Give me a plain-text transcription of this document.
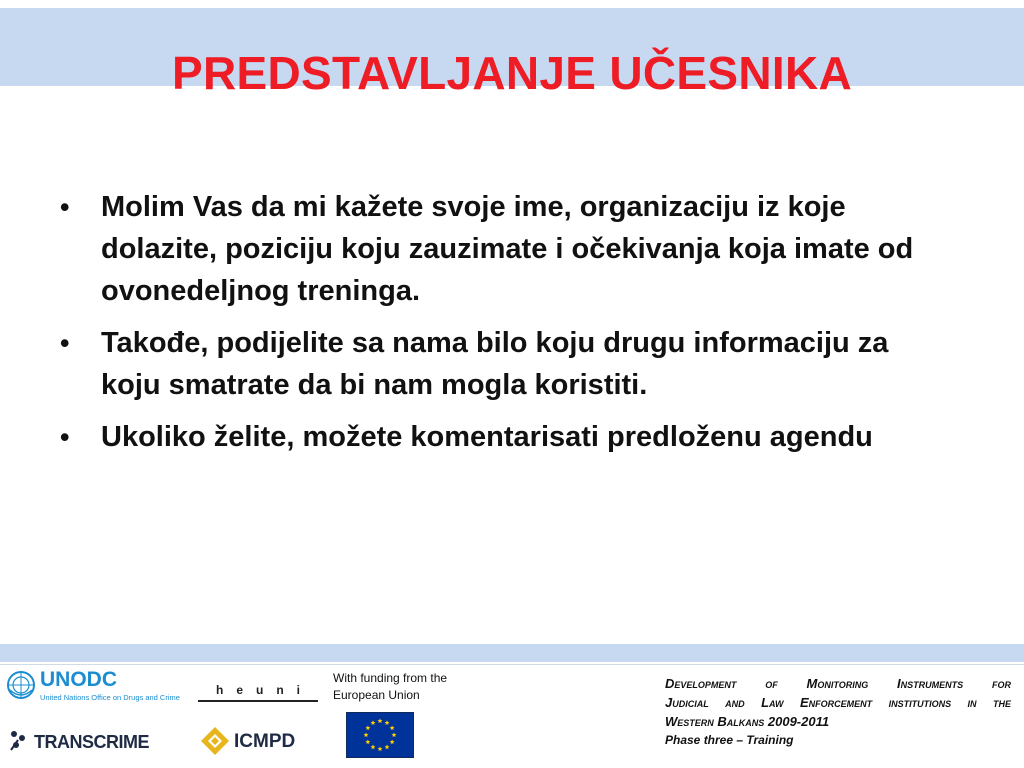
PREDSTAVLJANJE UČESNIKA
• Molim Vas da mi kažete svoje ime, organizaciju iz koje dolazite, poziciju koju zauzimate i očekivanja koja imate od ovonedeljnog treninga.
• Takođe, podijelite sa nama bilo koju drugu informaciju za koju smatrate da bi nam mogla koristiti.
• Ukoliko želite, možete komentarisati predloženu agendu
UNODC
United Nations Office on Drugs and Crime
heuni
TRANSCRIME	ICMPD
With funding from the
European Union
Development of Monitoring Instruments for
Judicial and Law Enforcement institutions in the
Western Balkans 2009-2011
Phase three – Training
